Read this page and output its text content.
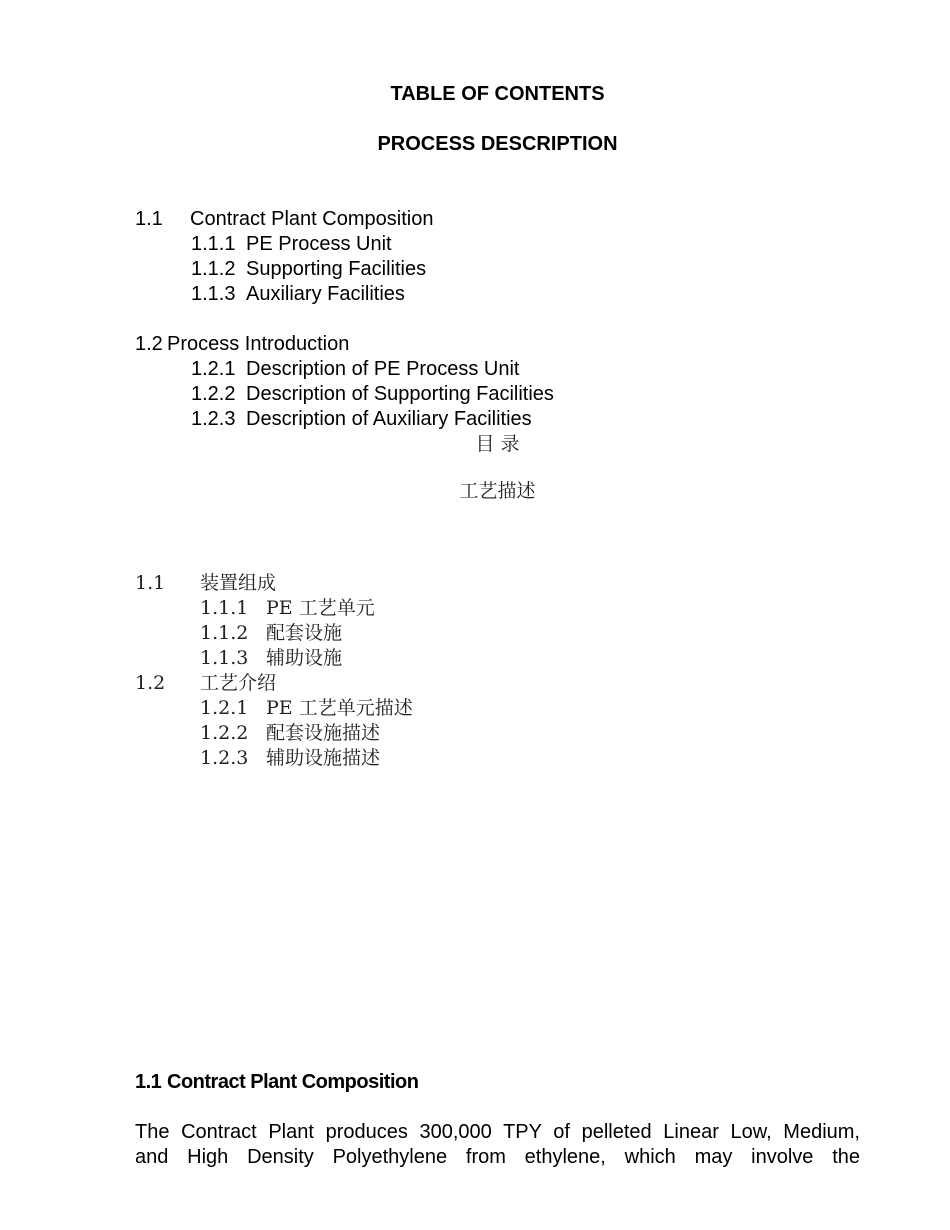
TABLE OF CONTENTS
PROCESS DESCRIPTION
1.1 Contract Plant Composition
1.1.1 PE Process Unit
1.1.2 Supporting Facilities
1.1.3 Auxiliary Facilities
1.2 Process Introduction
1.2.1 Description of PE Process Unit
1.2.2 Description of Supporting Facilities
1.2.3 Description of Auxiliary Facilities
目 录
工艺描述
1.1 装置组成
1.1.1 PE 工艺单元
1.1.2 配套设施
1.1.3 辅助设施
1.2 工艺介绍
1.2.1 PE 工艺单元描述
1.2.2 配套设施描述
1.2.3 辅助设施描述
1.1 Contract Plant Composition
The Contract Plant produces 300,000 TPY of pelleted Linear Low, Medium,
and High Density Polyethylene from ethylene, which may involve the
